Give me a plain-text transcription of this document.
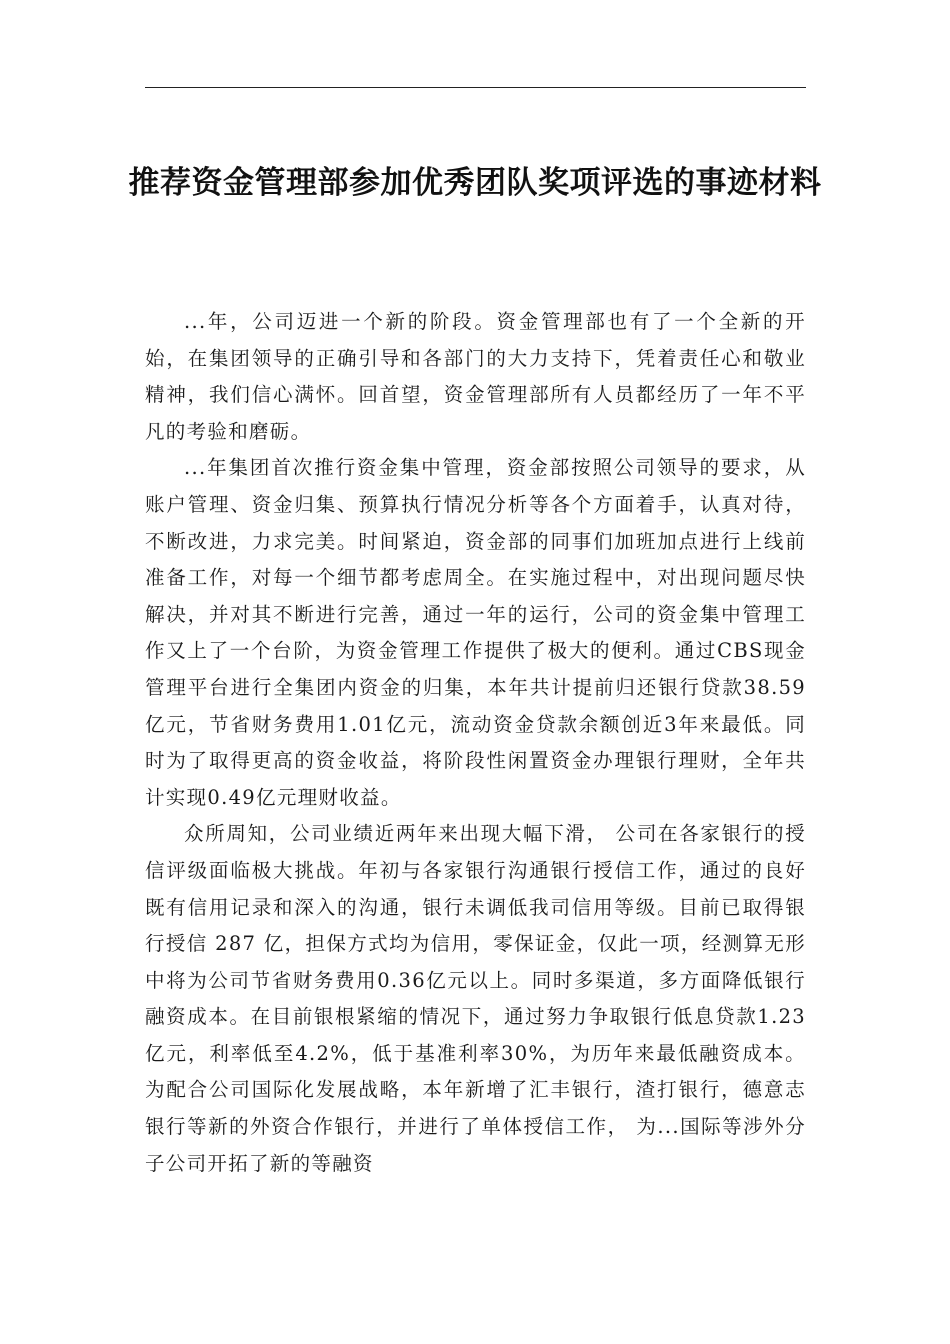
推荐资金管理部参加优秀团队奖项评选的事迹材料

...年，公司迈进一个新的阶段。资金管理部也有了一个全新的开始，在集团领导的正确引导和各部门的大力支持下，凭着责任心和敬业精神，我们信心满怀。回首望，资金管理部所有人员都经历了一年不平凡的考验和磨砺。

...年集团首次推行资金集中管理，资金部按照公司领导的要求，从账户管理、资金归集、预算执行情况分析等各个方面着手，认真对待，不断改进，力求完美。时间紧迫，资金部的同事们加班加点进行上线前准备工作，对每一个细节都考虑周全。在实施过程中，对出现问题尽快解决，并对其不断进行完善，通过一年的运行，公司的资金集中管理工作又上了一个台阶，为资金管理工作提供了极大的便利。通过CBS现金管理平台进行全集团内资金的归集，本年共计提前归还银行贷款38.59亿元，节省财务费用1.01亿元，流动资金贷款余额创近3年来最低。同时为了取得更高的资金收益，将阶段性闲置资金办理银行理财，全年共计实现0.49亿元理财收益。

众所周知，公司业绩近两年来出现大幅下滑， 公司在各家银行的授信评级面临极大挑战。年初与各家银行沟通银行授信工作，通过的良好既有信用记录和深入的沟通，银行未调低我司信用等级。目前已取得银行授信 287 亿，担保方式均为信用，零保证金，仅此一项，经测算无形中将为公司节省财务费用0.36亿元以上。同时多渠道，多方面降低银行融资成本。在目前银根紧缩的情况下，通过努力争取银行低息贷款1.23亿元，利率低至4.2%，低于基准利率30%，为历年来最低融资成本。为配合公司国际化发展战略，本年新增了汇丰银行，渣打银行，德意志银行等新的外资合作银行，并进行了单体授信工作， 为...国际等涉外分子公司开拓了新的等融资
